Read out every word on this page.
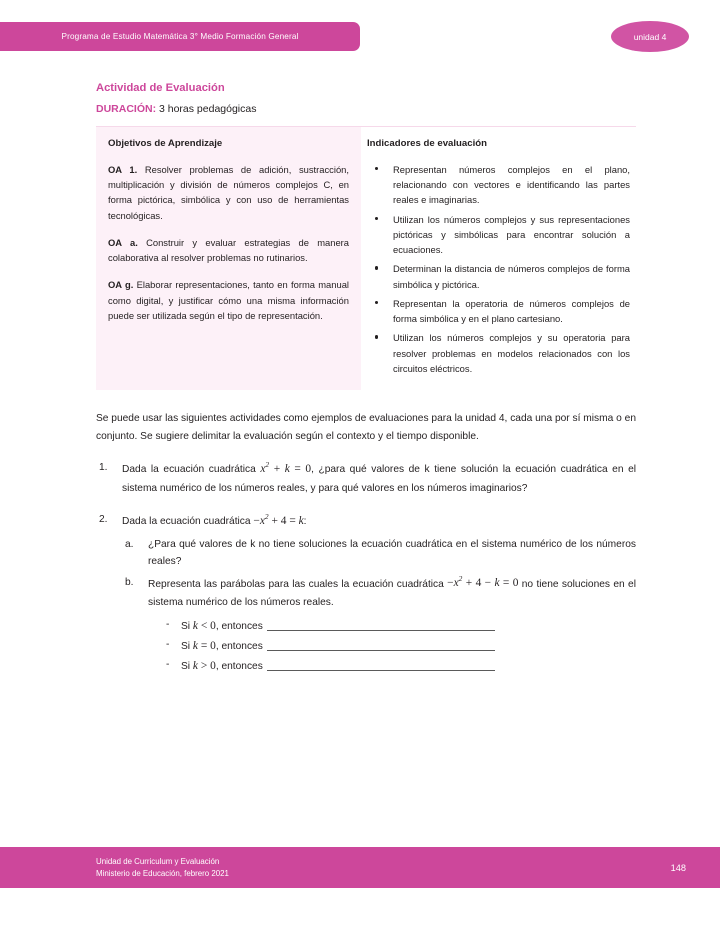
Programa de Estudio Matemática 3° Medio Formación General	unidad 4
Actividad de Evaluación

DURACIÓN: 3 horas pedagógicas

Objetivos de Aprendizaje

OA 1. Resolver problemas de adición, sustracción, multiplicación y división de números complejos C, en forma pictórica, simbólica y con uso de herramientas tecnológicas.

OA a. Construir y evaluar estrategias de manera colaborativa al resolver problemas no rutinarios.

OA g. Elaborar representaciones, tanto en forma manual como digital, y justificar cómo una misma información puede ser utilizada según el tipo de representación.

Indicadores de evaluación
Representan números complejos en el plano, relacionando con vectores e identificando las partes reales e imaginarias.
Utilizan los números complejos y sus representaciones pictóricas y simbólicas para encontrar solución a ecuaciones.
Determinan la distancia de números complejos de forma simbólica y pictórica.
Representan la operatoria de números complejos de forma simbólica y en el plano cartesiano.
Utilizan los números complejos y su operatoria para resolver problemas en modelos relacionados con los circuitos eléctricos.

Se puede usar las siguientes actividades como ejemplos de evaluaciones para la unidad 4, cada una por sí misma o en conjunto. Se sugiere delimitar la evaluación según el contexto y el tiempo disponible.

1. Dada la ecuación cuadrática $x^2 + k = 0$, ¿para qué valores de k tiene solución la ecuación cuadrática en el sistema numérico de los números reales, y para qué valores en los números imaginarios?
2. Dada la ecuación cuadrática $-x^2 + 4 = k$:
a. ¿Para qué valores de k no tiene soluciones la ecuación cuadrática en el sistema numérico de los números reales?
b. Representa las parábolas para las cuales la ecuación cuadrática $-x^2 + 4 - k = 0$ no tiene soluciones en el sistema numérico de los números reales.
- Si k < 0, entonces
- Si k = 0, entonces
- Si k > 0, entonces
Unidad de Curriculum y Evaluación
Ministerio de Educación, febrero 2021
148
